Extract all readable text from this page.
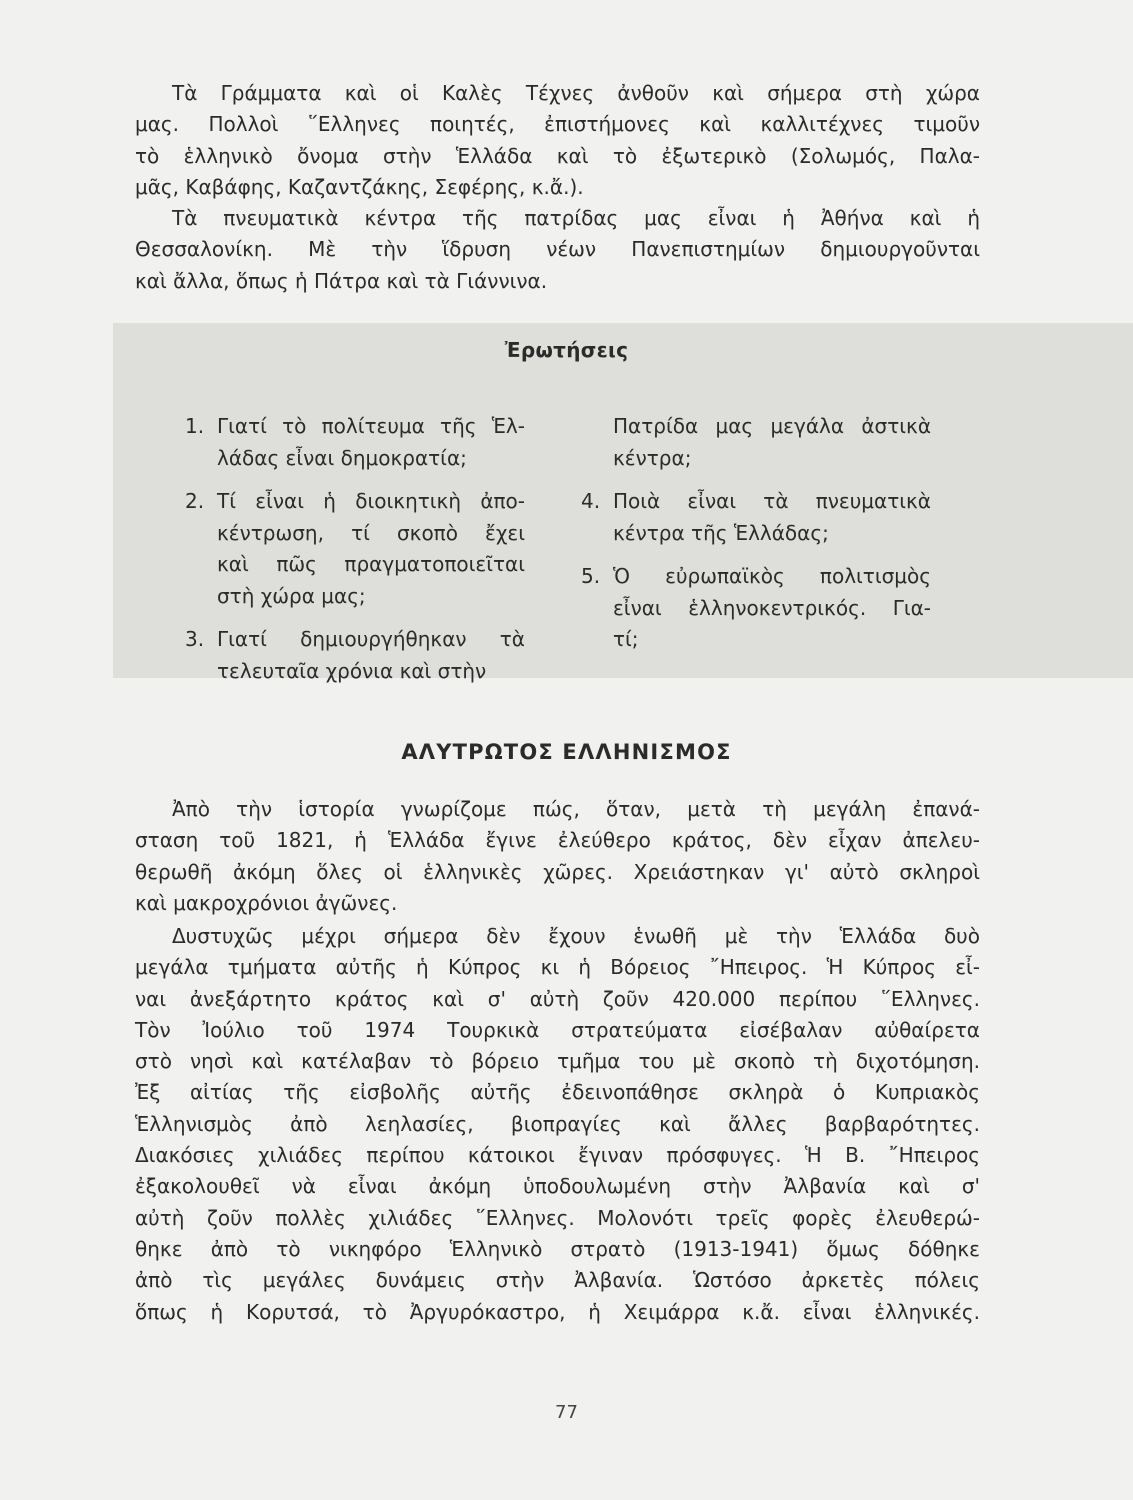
Τὰ Γράμματα καὶ οἱ Καλὲς Τέχνες ἀνθοῦν καὶ σήμερα στὴ χώρα
μας. Πολλοὶ ῞Ελληνες ποιητές, ἐπιστήμονες καὶ καλλιτέχνες τιμοῦν
τὸ ἑλληνικὸ ὄνομα στὴν Ἑλλάδα καὶ τὸ ἐξωτερικὸ (Σολωμός, Παλα-
μᾶς, Καβάφης, Καζαντζάκης, Σεφέρης, κ.ἄ.).
Τὰ πνευματικὰ κέντρα τῆς πατρίδας μας εἶναι ἡ Ἀθήνα καὶ ἡ
Θεσσαλονίκη. Μὲ τὴν ἵδρυση νέων Πανεπιστημίων δημιουργοῦνται
καὶ ἄλλα, ὅπως ἡ Πάτρα καὶ τὰ Γιάννινα.
Ἐρωτήσεις
1. Γιατί τὸ πολίτευμα τῆς Ἑλ-
λάδας εἶναι δημοκρατία;
2. Τί εἶναι ἡ διοικητικὴ ἀπο-
κέντρωση, τί σκοπὸ ἔχει
καὶ πῶς πραγματοποιεῖται
στὴ χώρα μας;
3. Γιατί δημιουργήθηκαν τὰ
τελευταῖα χρόνια καὶ στὴν
Πατρίδα μας μεγάλα ἀστικὰ
κέντρα;
4. Ποιὰ εἶναι τὰ πνευματικὰ
κέντρα τῆς Ἑλλάδας;
5. Ὁ εὐρωπαϊκὸς πολιτισμὸς
εἶναι ἑλληνοκεντρικός. Για-
τί;
ΑΛΥΤΡΩΤΟΣ ΕΛΛΗΝΙΣΜΟΣ
Ἀπὸ τὴν ἱστορία γνωρίζομε πώς, ὅταν, μετὰ τὴ μεγάλη ἐπανά-
σταση τοῦ 1821, ἡ Ἑλλάδα ἔγινε ἐλεύθερο κράτος, δὲν εἶχαν ἀπελευ-
θερωθῆ ἀκόμη ὅλες οἱ ἑλληνικὲς χῶρες. Χρειάστηκαν γι' αὐτὸ σκληροὶ
καὶ μακροχρόνιοι ἀγῶνες.
Δυστυχῶς μέχρι σήμερα δὲν ἔχουν ἑνωθῆ μὲ τὴν Ἑλλάδα δυὸ
μεγάλα τμήματα αὐτῆς ἡ Κύπρος κι ἡ Βόρειος ῎Ηπειρος. Ἡ Κύπρος εἶ-
ναι ἀνεξάρτητο κράτος καὶ σ' αὐτὴ ζοῦν 420.000 περίπου ῞Ελληνες.
Τὸν Ἰούλιο τοῦ 1974 Τουρκικὰ στρατεύματα εἰσέβαλαν αὐθαίρετα
στὸ νησὶ καὶ κατέλαβαν τὸ βόρειο τμῆμα του μὲ σκοπὸ τὴ διχοτόμηση.
Ἐξ αἰτίας τῆς εἰσβολῆς αὐτῆς ἐδεινοπάθησε σκληρὰ ὁ Κυπριακὸς
Ἑλληνισμὸς ἀπὸ λεηλασίες, βιοπραγίες καὶ ἄλλες βαρβαρότητες.
Διακόσιες χιλιάδες περίπου κάτοικοι ἔγιναν πρόσφυγες. Ἡ Β. ῎Ηπειρος
ἐξακολουθεῖ νὰ εἶναι ἀκόμη ὑποδουλωμένη στὴν Ἀλβανία καὶ σ'
αὐτὴ ζοῦν πολλὲς χιλιάδες ῞Ελληνες. Μολονότι τρεῖς φορὲς ἐλευθερώ-
θηκε ἀπὸ τὸ νικηφόρο Ἑλληνικὸ στρατὸ (1913-1941) ὅμως δόθηκε
ἀπὸ τὶς μεγάλες δυνάμεις στὴν Ἀλβανία. Ὡστόσο ἀρκετὲς πόλεις
ὅπως ἡ Κορυτσά, τὸ Ἀργυρόκαστρο, ἡ Χειμάρρα κ.ἄ. εἶναι ἑλληνικές.
77
